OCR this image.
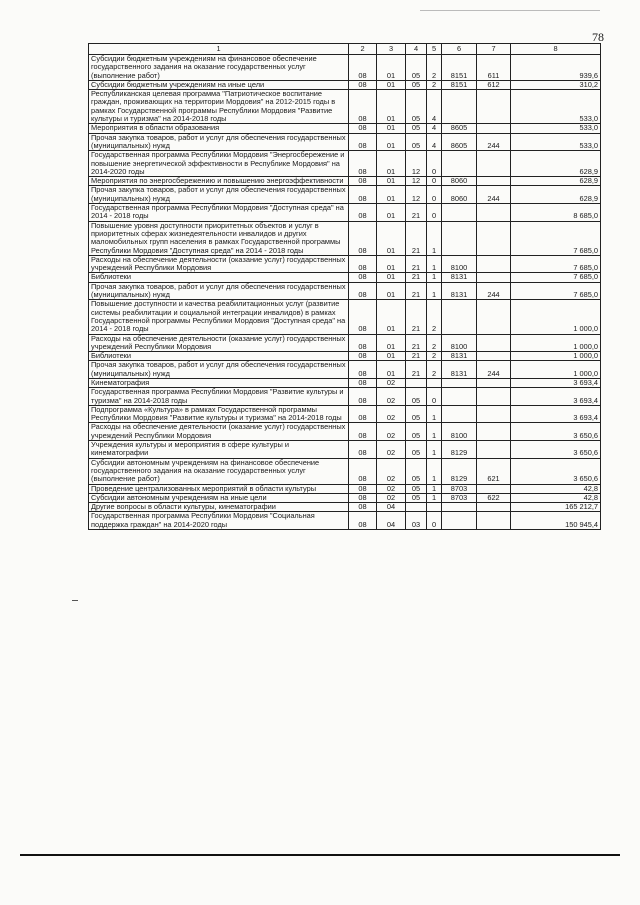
78
1	2	3	4	5	6	7	8
Субсидии бюджетным учреждениям на финансовое обеспечение государственного задания на оказание государственных услуг (выполнение работ)	08	01	05	2	8151	611	939,6
Субсидии бюджетным учреждениям на иные цели	08	01	05	2	8151	612	310,2
Республиканская целевая программа "Патриотическое воспитание граждан, проживающих на территории Мордовия" на 2012-2015 годы в рамках Государственной программы Республики Мордовия "Развитие культуры и туризма" на 2014-2018 годы	08	01	05	4			533,0
Мероприятия в области образования	08	01	05	4	8605		533,0
Прочая закупка товаров, работ и услуг для обеспечения государственных (муниципальных) нужд	08	01	05	4	8605	244	533,0
Государственная программа Республики Мордовия "Энергосбережение и повышение энергетической эффективности в Республике Мордовия" на 2014-2020 годы	08	01	12	0			628,9
Мероприятия по энергосбережению и повышению энергоэффективности	08	01	12	0	8060		628,9
Прочая закупка товаров, работ и услуг для обеспечения государственных (муниципальных) нужд	08	01	12	0	8060	244	628,9
Государственная программа Республики Мордовия "Доступная среда" на 2014 - 2018 годы	08	01	21	0			8 685,0
Повышение уровня доступности приоритетных объектов и услуг в приоритетных сферах жизнедеятельности инвалидов и других маломобильных групп населения в рамках Государственной программы Республики Мордовия "Доступная среда" на 2014 - 2018 годы	08	01	21	1			7 685,0
Расходы на обеспечение деятельности (оказание услуг) государственных учреждений Республики Мордовия	08	01	21	1	8100		7 685,0
Библиотеки	08	01	21	1	8131		7 685,0
Прочая закупка товаров, работ и услуг для обеспечения государственных (муниципальных) нужд	08	01	21	1	8131	244	7 685,0
Повышение доступности и качества реабилитационных услуг (развитие системы реабилитации и социальной интеграции инвалидов) в рамках Государственной программы Республики Мордовия "Доступная среда" на 2014 - 2018 годы	08	01	21	2			1 000,0
Расходы на обеспечение деятельности (оказание услуг) государственных учреждений Республики Мордовия	08	01	21	2	8100		1 000,0
Библиотеки	08	01	21	2	8131		1 000,0
Прочая закупка товаров, работ и услуг для обеспечения государственных (муниципальных) нужд	08	01	21	2	8131	244	1 000,0
Кинематография	08	02					3 693,4
Государственная программа Республики Мордовия "Развитие культуры и туризма" на 2014-2018 годы	08	02	05	0			3 693,4
Подпрограмма «Культура» в рамках Государственной программы Республики Мордовия "Развитие культуры и туризма" на 2014-2018 годы	08	02	05	1			3 693,4
Расходы на обеспечение деятельности (оказание услуг) государственных учреждений Республики Мордовия	08	02	05	1	8100		3 650,6
Учреждения культуры и мероприятия в сфере культуры и кинематографии	08	02	05	1	8129		3 650,6
Субсидии автономным учреждениям на финансовое обеспечение государственного задания на оказание государственных услуг (выполнение работ)	08	02	05	1	8129	621	3 650,6
Проведение централизованных мероприятий в области культуры	08	02	05	1	8703		42,8
Субсидии автономным учреждениям на иные цели	08	02	05	1	8703	622	42,8
Другие вопросы в области культуры, кинематографии	08	04					165 212,7
Государственная программа Республики Мордовия "Социальная поддержка граждан" на 2014-2020 годы	08	04	03	0			150 945,4
